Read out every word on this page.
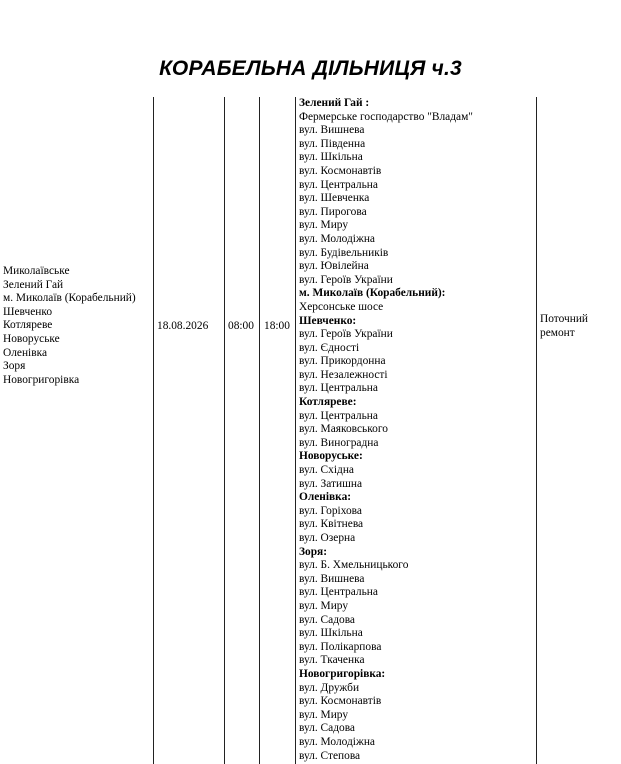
КОРАБЕЛЬНА ДІЛЬНИЦЯ ч.3
Миколаївське
Зелений Гай
м. Миколаїв (Корабельний)
Шевченко
Котляреве
Новоруське
Оленівка
Зоря
Новогригорівка
18.08.2026 08:00 18:00
Зелений Гай :
Фермерське господарство "Владам"
вул. Вишнева
вул. Південна
вул. Шкільна
вул. Космонавтів
вул. Центральна
вул. Шевченка
вул. Пирогова
вул. Миру
вул. Молодіжна
вул. Будівельників
вул. Ювілейна
вул. Героїв України
м. Миколаїв (Корабельний):
Херсонське шосе
Шевченко:
вул. Героїв України
вул. Єдності
вул. Прикордонна
вул. Незалежності
вул. Центральна
Котляреве:
вул. Центральна
вул. Маяковського
вул. Виноградна
Новоруське:
вул. Східна
вул. Затишна
Оленівка:
вул. Горіхова
вул. Квітнева
вул. Озерна
Зоря:
вул. Б. Хмельницького
вул. Вишнева
вул. Центральна
вул. Миру
вул. Садова
вул. Шкільна
вул. Полікарпова
вул. Ткаченка
Новогригорівка:
вул. Дружби
вул. Космонавтів
вул. Миру
вул. Садова
вул. Молодіжна
вул. Степова
Поточний ремонт
